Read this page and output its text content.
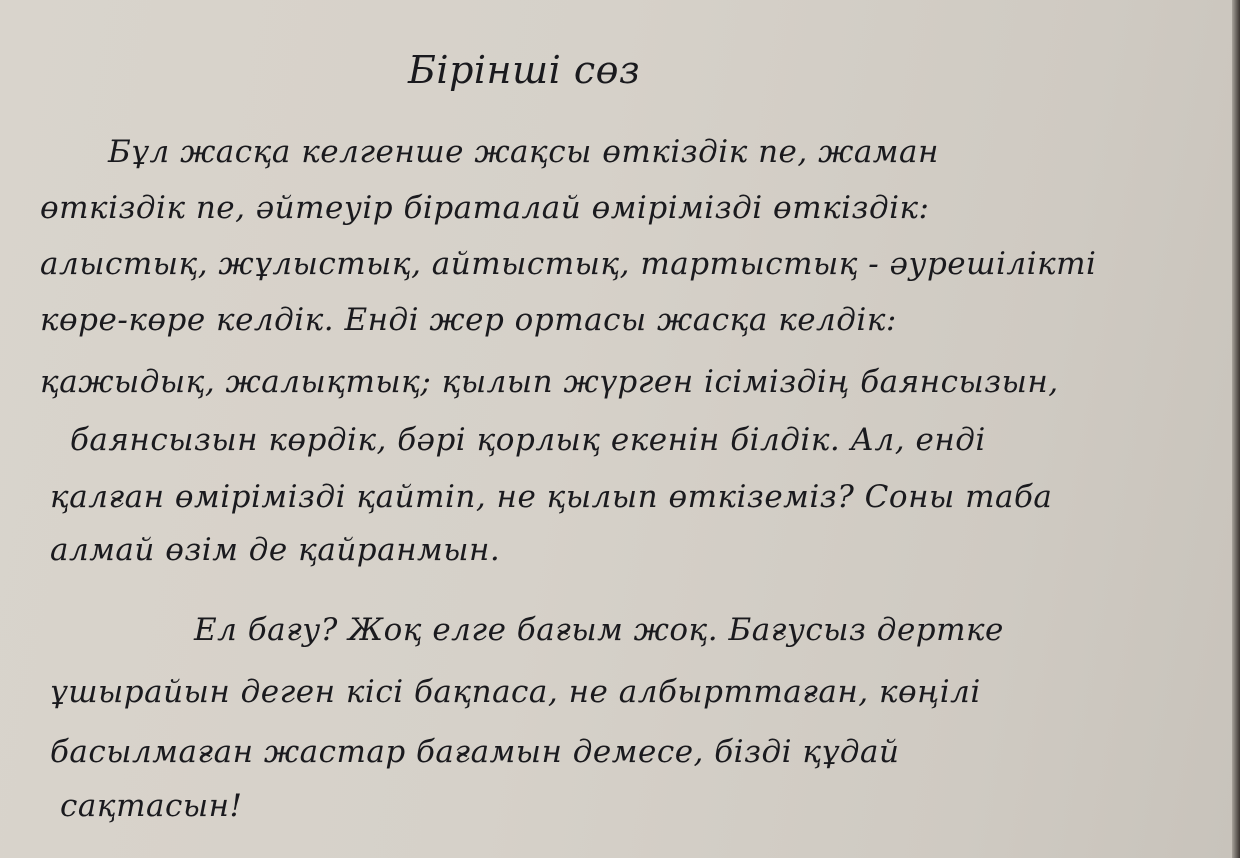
Бірінші сөз
Бұл жасқа келгенше жақсы өткіздік пе, жаман
өткіздік пе, әйтеуір біраталай өмірімізді өткіздік:
алыстық, жұлыстық, айтыстық, тартыстық - әурешілікті
көре-көре келдік. Енді жер ортасы жасқа келдік:
қажыдық, жалықтық; қылып жүрген ісіміздің баянсызын,
баянсызын көрдік, бәрі қорлық екенін білдік. Ал, енді
қалған өмірімізді қайтіп, не қылып өткіземіз? Соны таба
алмай өзім де қайранмын.
Ел бағу? Жоқ елге бағым жоқ. Бағусыз дертке
ұшырайын деген кісі бақпаса, не албырттаған, көңілі
басылмаған жастар бағамын демесе, бізді құдай
сақтасын!
